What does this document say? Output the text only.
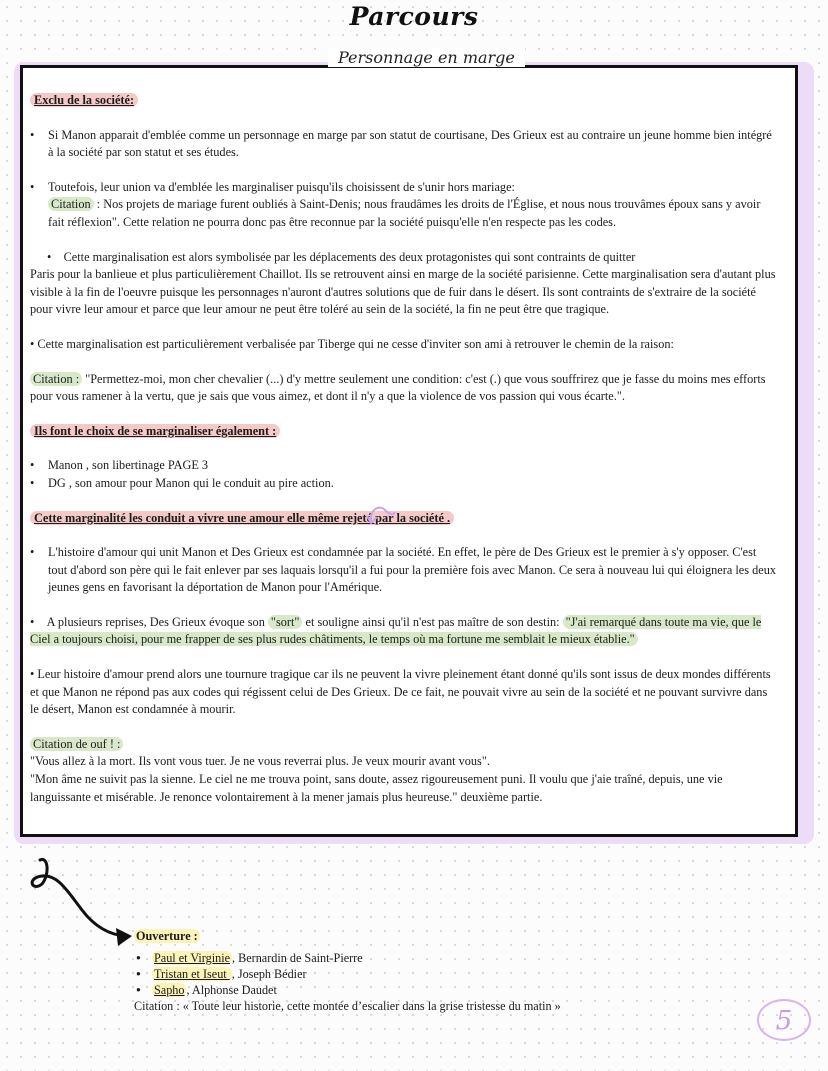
Parcours
Personnage en marge

Exclu de la société:

• Si Manon apparait d'emblée comme un personnage en marge par son statut de courtisane, Des Grieux est au contraire un jeune homme bien intégré à la société par son statut et ses études.

• Toutefois, leur union va d'emblée les marginaliser puisqu'ils choisissent de s'unir hors mariage:
Citation : Nos projets de mariage furent oubliés à Saint-Denis; nous fraudâmes les droits de l'Église, et nous nous trouvâmes époux sans y avoir fait réflexion". Cette relation ne pourra donc pas être reconnue par la société puisqu'elle n'en respecte pas les codes.

• Cette marginalisation est alors symbolisée par les déplacements des deux protagonistes qui sont contraints de quitter
Paris pour la banlieue et plus particulièrement Chaillot. Ils se retrouvent ainsi en marge de la société parisienne. Cette marginalisation sera d'autant plus visible à la fin de l'oeuvre puisque les personnages n'auront d'autres solutions que de fuir dans le désert. Ils sont contraints de s'extraire de la société pour vivre leur amour et parce que leur amour ne peut être toléré au sein de la société, la fin ne peut être que tragique.

• Cette marginalisation est particulièrement verbalisée par Tiberge qui ne cesse d'inviter son ami à retrouver le chemin de la raison:

Citation : "Permettez-moi, mon cher chevalier (...) d'y mettre seulement une condition: c'est (.) que vous souffrirez que je fasse du moins mes efforts pour vous ramener à la vertu, que je sais que vous aimez, et dont il n'y a que la violence de vos passion qui vous écarte.".

Ils font le choix de se marginaliser également :

• Manon , son libertinage PAGE 3
• DG , son amour pour Manon qui le conduit au pire action.

Cette marginalité les conduit a vivre une amour elle même rejeté par la société .

• L'histoire d'amour qui unit Manon et Des Grieux est condamnée par la société. En effet, le père de Des Grieux est le premier à s'y opposer. C'est tout d'abord son père qui le fait enlever par ses laquais lorsqu'il a fui pour la première fois avec Manon. Ce sera à nouveau lui qui éloignera les deux jeunes gens en favorisant la déportation de Manon pour l'Amérique.

• A plusieurs reprises, Des Grieux évoque son "sort" et souligne ainsi qu'il n'est pas maître de son destin: "J'ai remarqué dans toute ma vie, que le Ciel a toujours choisi, pour me frapper de ses plus rudes châtiments, le temps où ma fortune me semblait le mieux établie."

• Leur histoire d'amour prend alors une tournure tragique car ils ne peuvent la vivre pleinement étant donné qu'ils sont issus de deux mondes différents et que Manon ne répond pas aux codes qui régissent celui de Des Grieux. De ce fait, ne pouvait vivre au sein de la société et ne pouvant survivre dans le désert, Manon est condamnée à mourir.

Citation de ouf ! :
"Vous allez à la mort. Ils vont vous tuer. Je ne vous reverrai plus. Je veux mourir avant vous".
"Mon âme ne suivit pas la sienne. Le ciel ne me trouva point, sans doute, assez rigoureusement puni. Il voulu que j'aie traîné, depuis, une vie languissante et misérable. Je renonce volontairement à la mener jamais plus heureuse." deuxième partie.

Ouverture :
● Paul et Virginie , Bernardin de Saint-Pierre
● Tristan et Iseut , Joseph Bédier
● Sapho , Alphonse Daudet
Citation : « Toute leur historie, cette montée d’escalier dans la grise tristesse du matin »	5
